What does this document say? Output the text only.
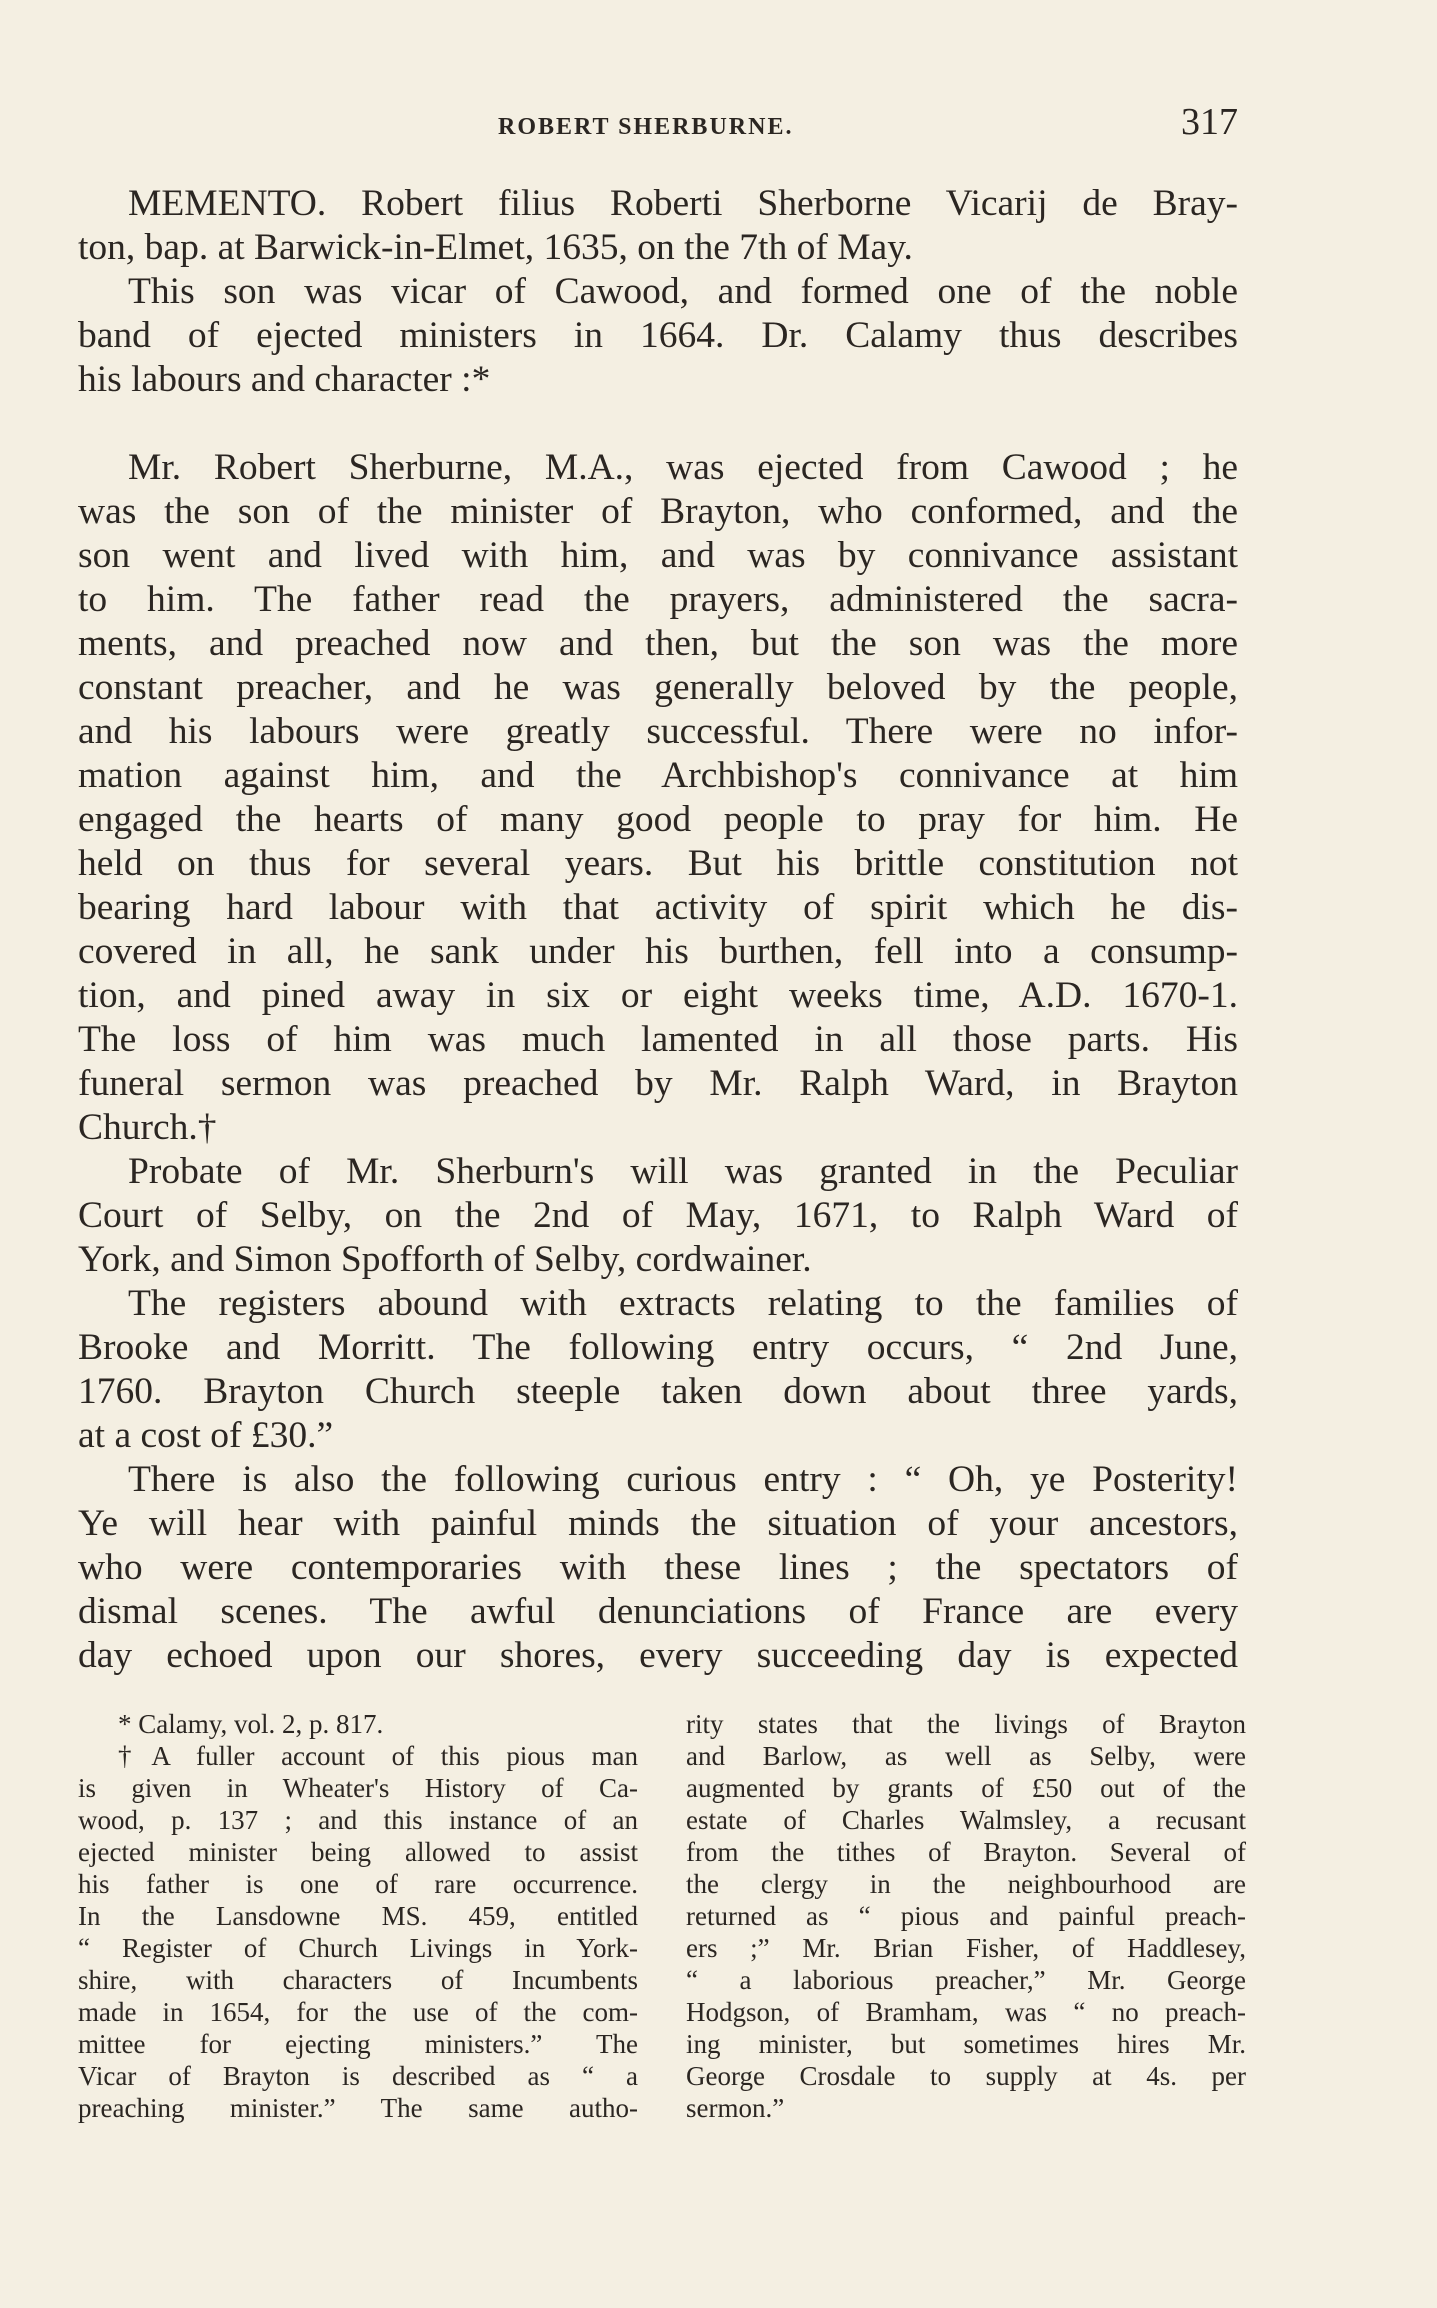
ROBERT SHERBURNE.	317
MEMENTO. Robert filius Roberti Sherborne Vicarij de Bray-
ton, bap. at Barwick-in-Elmet, 1635, on the 7th of May.
This son was vicar of Cawood, and formed one of the noble
band of ejected ministers in 1664. Dr. Calamy thus describes
his labours and character :*
Mr. Robert Sherburne, M.A., was ejected from Cawood ; he
was the son of the minister of Brayton, who conformed, and the
son went and lived with him, and was by connivance assistant
to him. The father read the prayers, administered the sacra-
ments, and preached now and then, but the son was the more
constant preacher, and he was generally beloved by the people,
and his labours were greatly successful. There were no infor-
mation against him, and the Archbishop's connivance at him
engaged the hearts of many good people to pray for him. He
held on thus for several years. But his brittle constitution not
bearing hard labour with that activity of spirit which he dis-
covered in all, he sank under his burthen, fell into a consump-
tion, and pined away in six or eight weeks time, A.D. 1670-1.
The loss of him was much lamented in all those parts. His
funeral sermon was preached by Mr. Ralph Ward, in Brayton
Church.†
Probate of Mr. Sherburn's will was granted in the Peculiar
Court of Selby, on the 2nd of May, 1671, to Ralph Ward of
York, and Simon Spofforth of Selby, cordwainer.
The registers abound with extracts relating to the families of
Brooke and Morritt. The following entry occurs, “ 2nd June,
1760. Brayton Church steeple taken down about three yards,
at a cost of £30.”
There is also the following curious entry : “ Oh, ye Posterity!
Ye will hear with painful minds the situation of your ancestors,
who were contemporaries with these lines ; the spectators of
dismal scenes. The awful denunciations of France are every
day echoed upon our shores, every succeeding day is expected
* Calamy, vol. 2, p. 817.
†A fuller account of this pious man
is given in Wheater's History of Ca-
wood, p. 137 ; and this instance of an
ejected minister being allowed to assist
his father is one of rare occurrence.
In the Lansdowne MS. 459, entitled
“ Register of Church Livings in York-
shire, with characters of Incumbents
made in 1654, for the use of the com-
mittee for ejecting ministers.” The
Vicar of Brayton is described as “ a
preaching minister.” The same autho-
rity states that the livings of Brayton
and Barlow, as well as Selby, were
augmented by grants of £50 out of the
estate of Charles Walmsley, a recusant
from the tithes of Brayton. Several of
the clergy in the neighbourhood are
returned as “ pious and painful preach-
ers ;” Mr. Brian Fisher, of Haddlesey,
“ a laborious preacher,” Mr. George
Hodgson, of Bramham, was “ no preach-
ing minister, but sometimes hires Mr.
George Crosdale to supply at 4s. per
sermon.”
